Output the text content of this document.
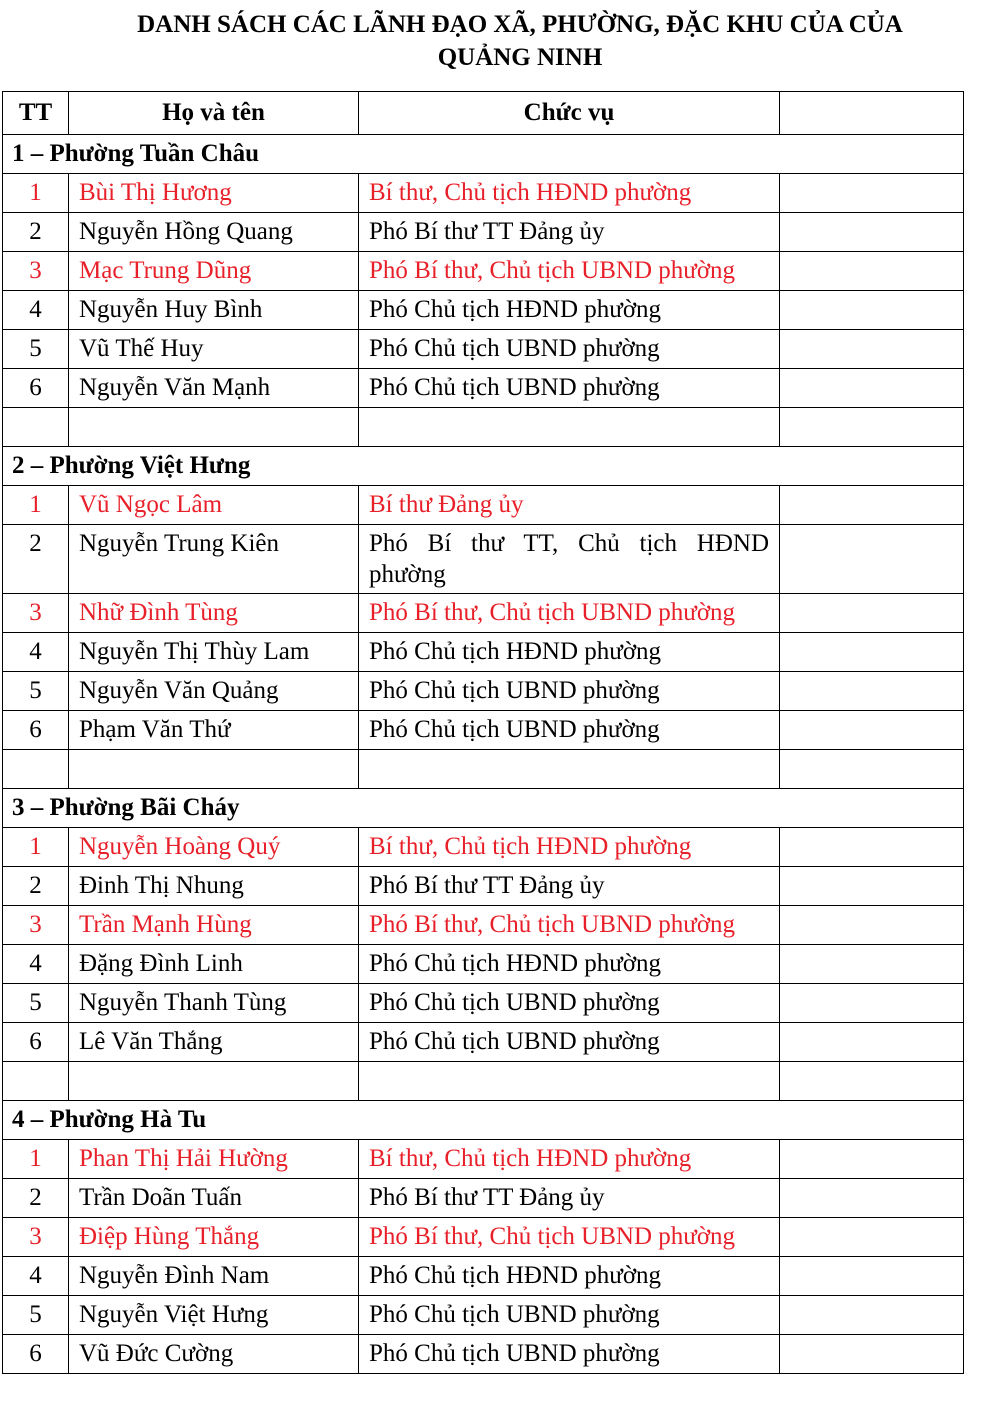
DANH SÁCH CÁC LÃNH ĐẠO XÃ, PHƯỜNG, ĐẶC KHU CỦA CỦA
QUẢNG NINH
TT	Họ và tên	Chức vụ	
1 – Phường Tuần Châu			
1	Bùi Thị Hương	Bí thư, Chủ tịch HĐND phường	
2	Nguyễn Hồng Quang	Phó Bí thư TT Đảng ủy	
3	Mạc Trung Dũng	Phó Bí thư, Chủ tịch UBND phường	
4	Nguyễn Huy Bình	Phó Chủ tịch HĐND phường	
5	Vũ Thế Huy	Phó Chủ tịch UBND phường	
6	Nguyễn Văn Mạnh	Phó Chủ tịch UBND phường	

2 – Phường Việt Hưng			
1	Vũ Ngọc Lâm	Bí thư Đảng ủy	
2	Nguyễn Trung Kiên	Phó Bí thư TT, Chủ tịch HĐND phường	
3	Nhữ Đình Tùng	Phó Bí thư, Chủ tịch UBND phường	
4	Nguyễn Thị Thùy Lam	Phó Chủ tịch HĐND phường	
5	Nguyễn Văn Quảng	Phó Chủ tịch UBND phường	
6	Phạm Văn Thứ	Phó Chủ tịch UBND phường	

3 – Phường Bãi Cháy			
1	Nguyễn Hoàng Quý	Bí thư, Chủ tịch HĐND phường	
2	Đinh Thị Nhung	Phó Bí thư TT Đảng ủy	
3	Trần Mạnh Hùng	Phó Bí thư, Chủ tịch UBND phường	
4	Đặng Đình Linh	Phó Chủ tịch HĐND phường	
5	Nguyễn Thanh Tùng	Phó Chủ tịch UBND phường	
6	Lê Văn Thắng	Phó Chủ tịch UBND phường	

4 – Phường Hà Tu			
1	Phan Thị Hải Hường	Bí thư, Chủ tịch HĐND phường	
2	Trần Doãn Tuấn	Phó Bí thư TT Đảng ủy	
3	Điệp Hùng Thắng	Phó Bí thư, Chủ tịch UBND phường	
4	Nguyễn Đình Nam	Phó Chủ tịch HĐND phường	
5	Nguyễn Việt Hưng	Phó Chủ tịch UBND phường	
6	Vũ Đức Cường	Phó Chủ tịch UBND phường	
